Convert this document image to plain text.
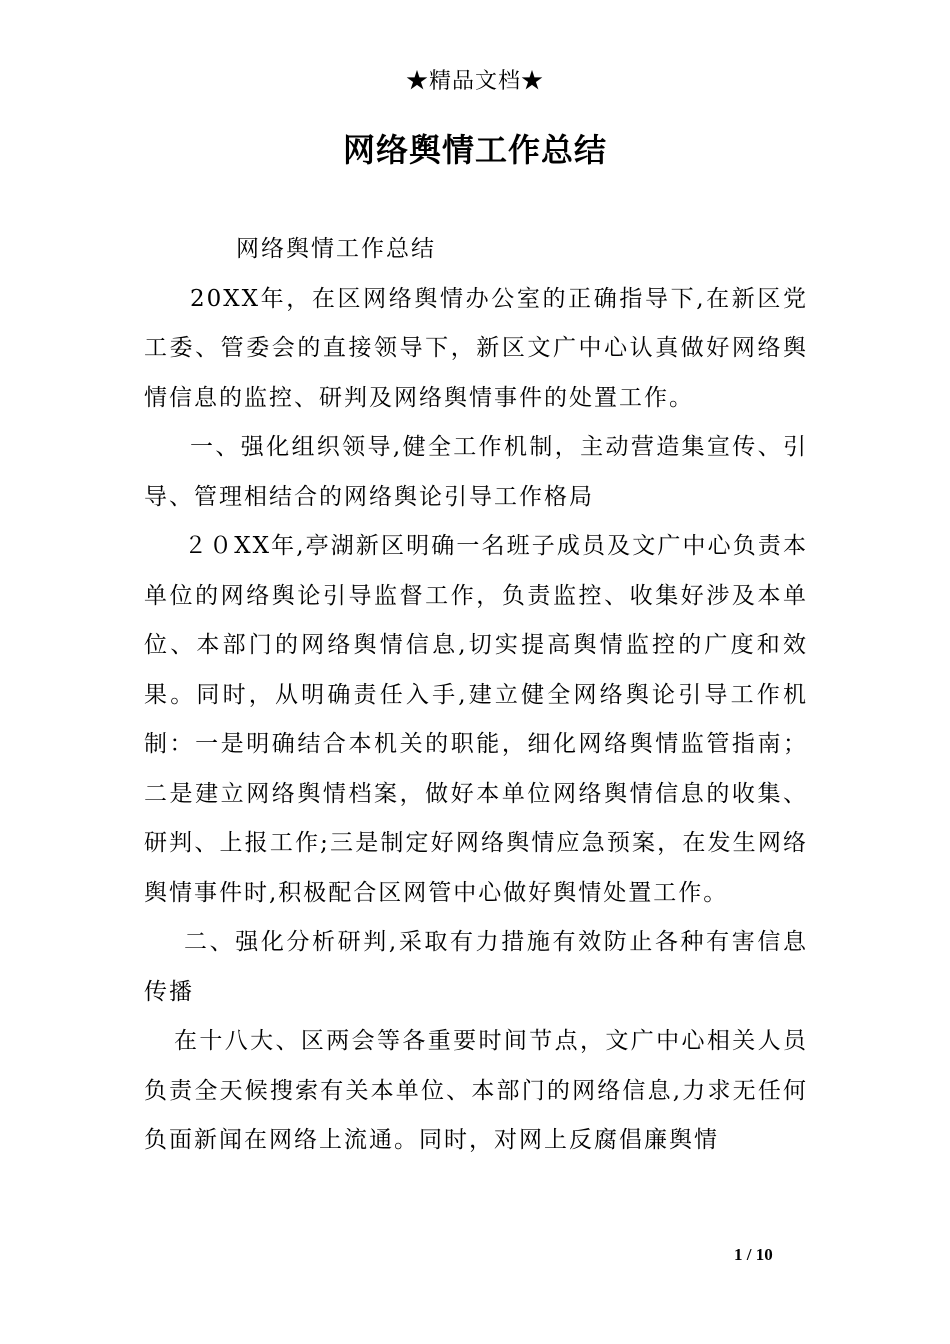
★精品文档★
网络舆情工作总结

网络舆情工作总结

20XX年，在区网络舆情办公室的正确指导下,在新区党工委、管委会的直接领导下，新区文广中心认真做好网络舆情信息的监控、研判及网络舆情事件的处置工作。

一、强化组织领导,健全工作机制，主动营造集宣传、引导、管理相结合的网络舆论引导工作格局

２０XX年,亭湖新区明确一名班子成员及文广中心负责本单位的网络舆论引导监督工作，负责监控、收集好涉及本单位、本部门的网络舆情信息,切实提高舆情监控的广度和效果。同时，从明确责任入手,建立健全网络舆论引导工作机制：一是明确结合本机关的职能，细化网络舆情监管指南；二是建立网络舆情档案，做好本单位网络舆情信息的收集、研判、上报工作;三是制定好网络舆情应急预案，在发生网络舆情事件时,积极配合区网管中心做好舆情处置工作。

二、强化分析研判,采取有力措施有效防止各种有害信息传播

在十八大、区两会等各重要时间节点，文广中心相关人员负责全天候搜索有关本单位、本部门的网络信息,力求无任何负面新闻在网络上流通。同时，对网上反腐倡廉舆情

1 / 10
